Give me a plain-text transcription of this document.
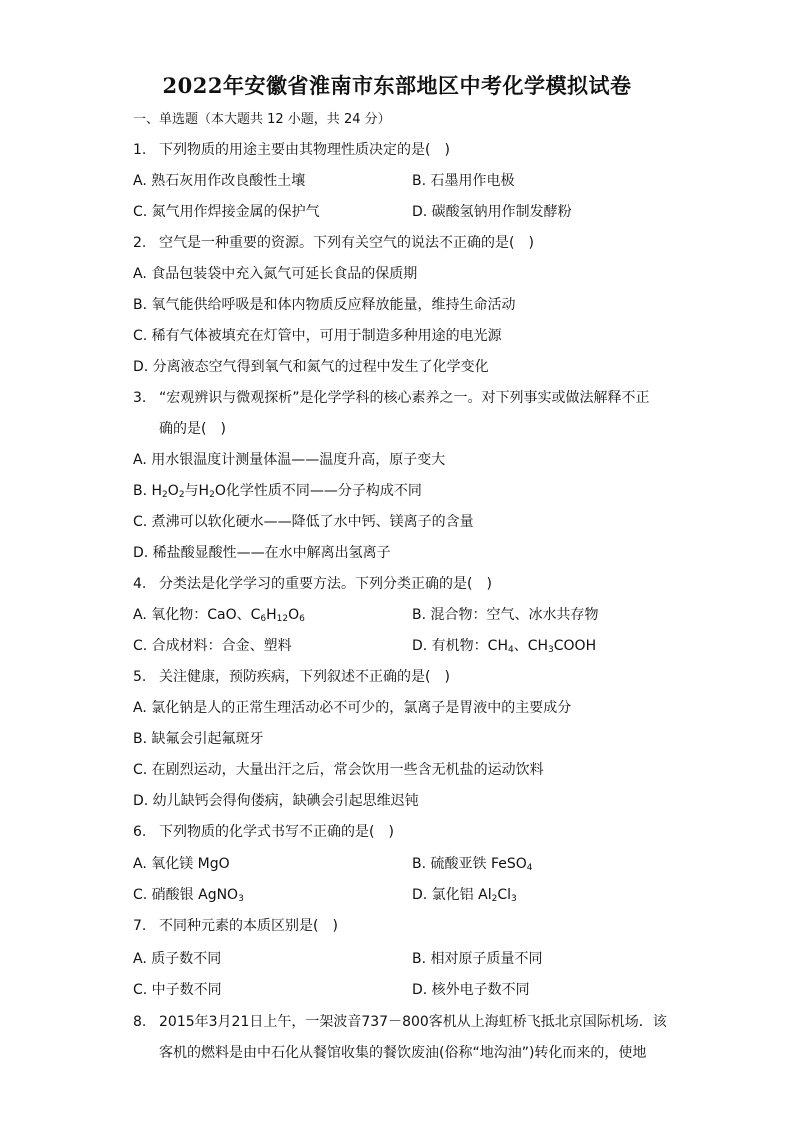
2022年安徽省淮南市东部地区中考化学模拟试卷
一、单选题（本大题共 12 小题，共 24 分）
1. 下列物质的用途主要由其物理性质决定的是(　)
A. 熟石灰用作改良酸性土壤	B. 石墨用作电极
C. 氮气用作焊接金属的保护气	D. 碳酸氢钠用作制发酵粉
2. 空气是一种重要的资源。下列有关空气的说法不正确的是(　)
A. 食品包装袋中充入氮气可延长食品的保质期
B. 氧气能供给呼吸是和体内物质反应释放能量，维持生命活动
C. 稀有气体被填充在灯管中，可用于制造多种用途的电光源
D. 分离液态空气得到氧气和氮气的过程中发生了化学变化
3. “宏观辨识与微观探析”是化学学科的核心素养之一。对下列事实或做法解释不正
确的是(　)
A. 用水银温度计测量体温——温度升高，原子变大
B. $H_2O_2$与$H_2O$化学性质不同——分子构成不同
C. 煮沸可以软化硬水——降低了水中钙、镁离子的含量
D. 稀盐酸显酸性——在水中解离出氢离子
4. 分类法是化学学习的重要方法。下列分类正确的是(　)
A. 氧化物：CaO、$C_6H_{12}O_6$	B. 混合物：空气、冰水共存物
C. 合成材料：合金、塑料	D. 有机物：$CH_4$、$CH_3COOH$
5. 关注健康，预防疾病，下列叙述不正确的是(　)
A. 氯化钠是人的正常生理活动必不可少的，氯离子是胃液中的主要成分
B. 缺氟会引起氟斑牙
C. 在剧烈运动，大量出汗之后，常会饮用一些含无机盐的运动饮料
D. 幼儿缺钙会得佝偻病，缺碘会引起思维迟钝
6. 下列物质的化学式书写不正确的是(　)
A. 氧化镁 MgO	B. 硫酸亚铁 FeSO$_4$
C. 硝酸银 AgNO$_3$	D. 氯化铝 $Al_2Cl_3$
7. 不同种元素的本质区别是(　)
A. 质子数不同	B. 相对原子质量不同
C. 中子数不同	D. 核外电子数不同
8. 2015年3月21日上午，一架波音737－800客机从上海虹桥飞抵北京国际机场．该
客机的燃料是由中石化从餐馆收集的餐饮废油(俗称“地沟油”)转化而来的，使地
